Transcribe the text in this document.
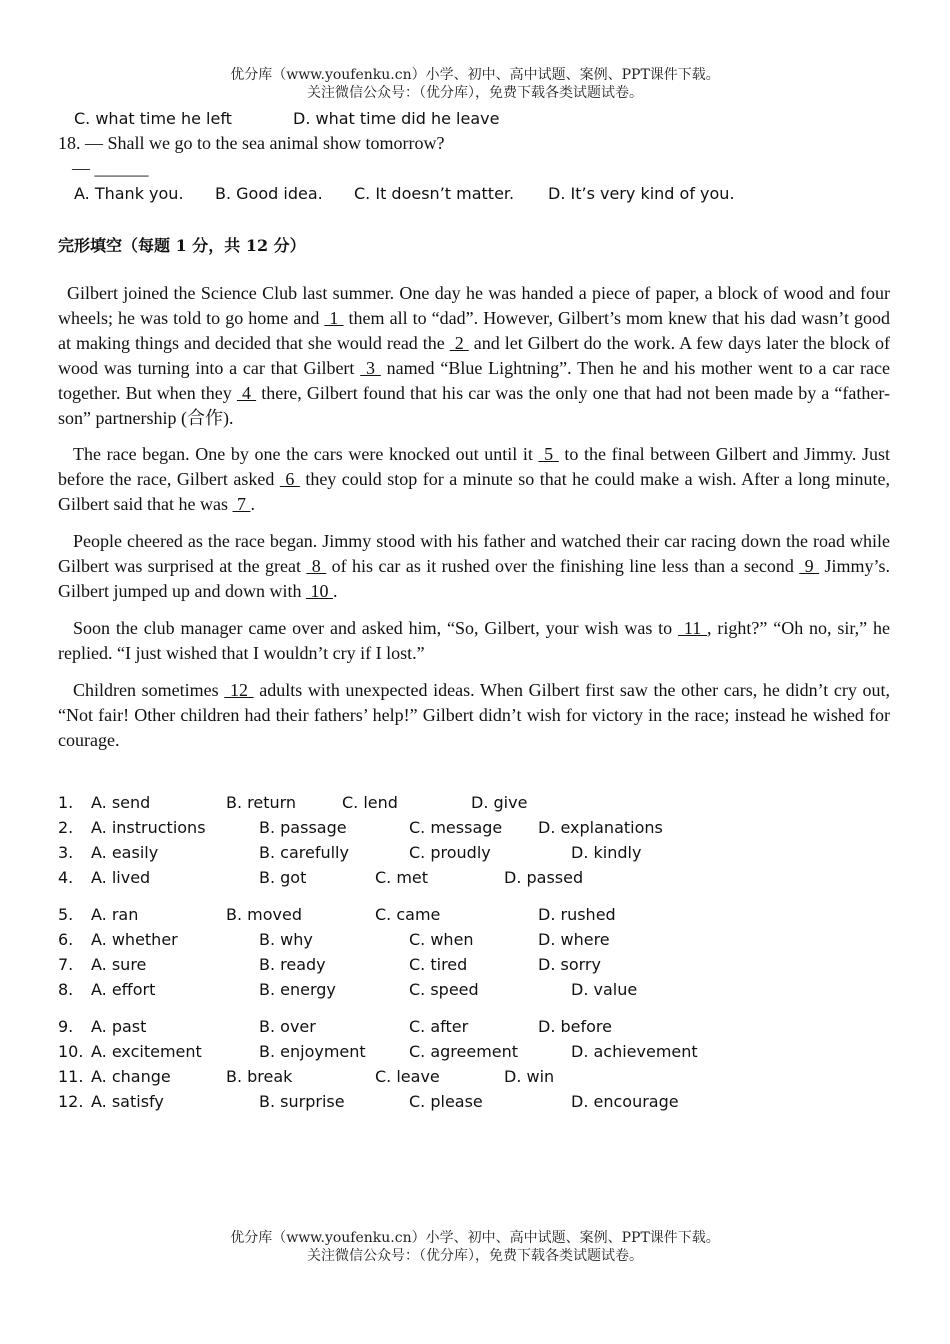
优分库（www.youfenku.cn）小学、初中、高中试题、案例、PPT课件下载。
关注微信公众号：（优分库），免费下载各类试题试卷。
C. what time he left	D. what time did he leave
18. — Shall we go to the sea animal show tomorrow?
— ______
A. Thank you. B. Good idea. C. It doesn’t matter. D. It’s very kind of you.
完形填空（每题 1 分，共 12 分）

Gilbert joined the Science Club last summer. One day he was handed a piece of paper, a block of wood and four wheels; he was told to go home and  1  them all to “dad”. However, Gilbert’s mom knew that his dad wasn’t good at making things and decided that she would read the  2  and let Gilbert do the work. A few days later the block of wood was turning into a car that Gilbert  3  named “Blue Lightning”. Then he and his mother went to a car race together. But when they  4  there, Gilbert found that his car was the only one that had not been made by a “father-son” partnership (合作).

The race began. One by one the cars were knocked out until it  5  to the final between Gilbert and Jimmy. Just before the race, Gilbert asked  6  they could stop for a minute so that he could make a wish. After a long minute, Gilbert said that he was  7 .

People cheered as the race began. Jimmy stood with his father and watched their car racing down the road while Gilbert was surprised at the great  8  of his car as it rushed over the finishing line less than a second  9  Jimmy’s. Gilbert jumped up and down with  10 .

Soon the club manager came over and asked him, “So, Gilbert, your wish was to  11 , right?” “Oh no, sir,” he replied. “I just wished that I wouldn’t cry if I lost.”

Children sometimes  12  adults with unexpected ideas. When Gilbert first saw the other cars, he didn’t cry out, “Not fair! Other children had their fathers’ help!” Gilbert didn’t wish for victory in the race; instead he wished for courage.

1. A. send	B. return	C. lend	D. give
2. A. instructions	B. passage	C. message D. explanations
3. A. easily	B. carefully	C. proudly	D. kindly
4. A. lived	B. got	C. met	D. passed
5. A. ran	B. moved	C. came	D. rushed
6. A. whether	B. why	C. when	D. where
7. A. sure	B. ready	C. tired	D. sorry
8. A. effort	B. energy	C. speed	D. value
9. A. past	B. over	C. after	D. before
10. A. excitement	B. enjoyment	C. agreement	D. achievement
11. A. change	B. break	C. leave	D. win
12. A. satisfy	B. surprise	C. please	D. encourage
优分库（www.youfenku.cn）小学、初中、高中试题、案例、PPT课件下载。
关注微信公众号：（优分库），免费下载各类试题试卷。
